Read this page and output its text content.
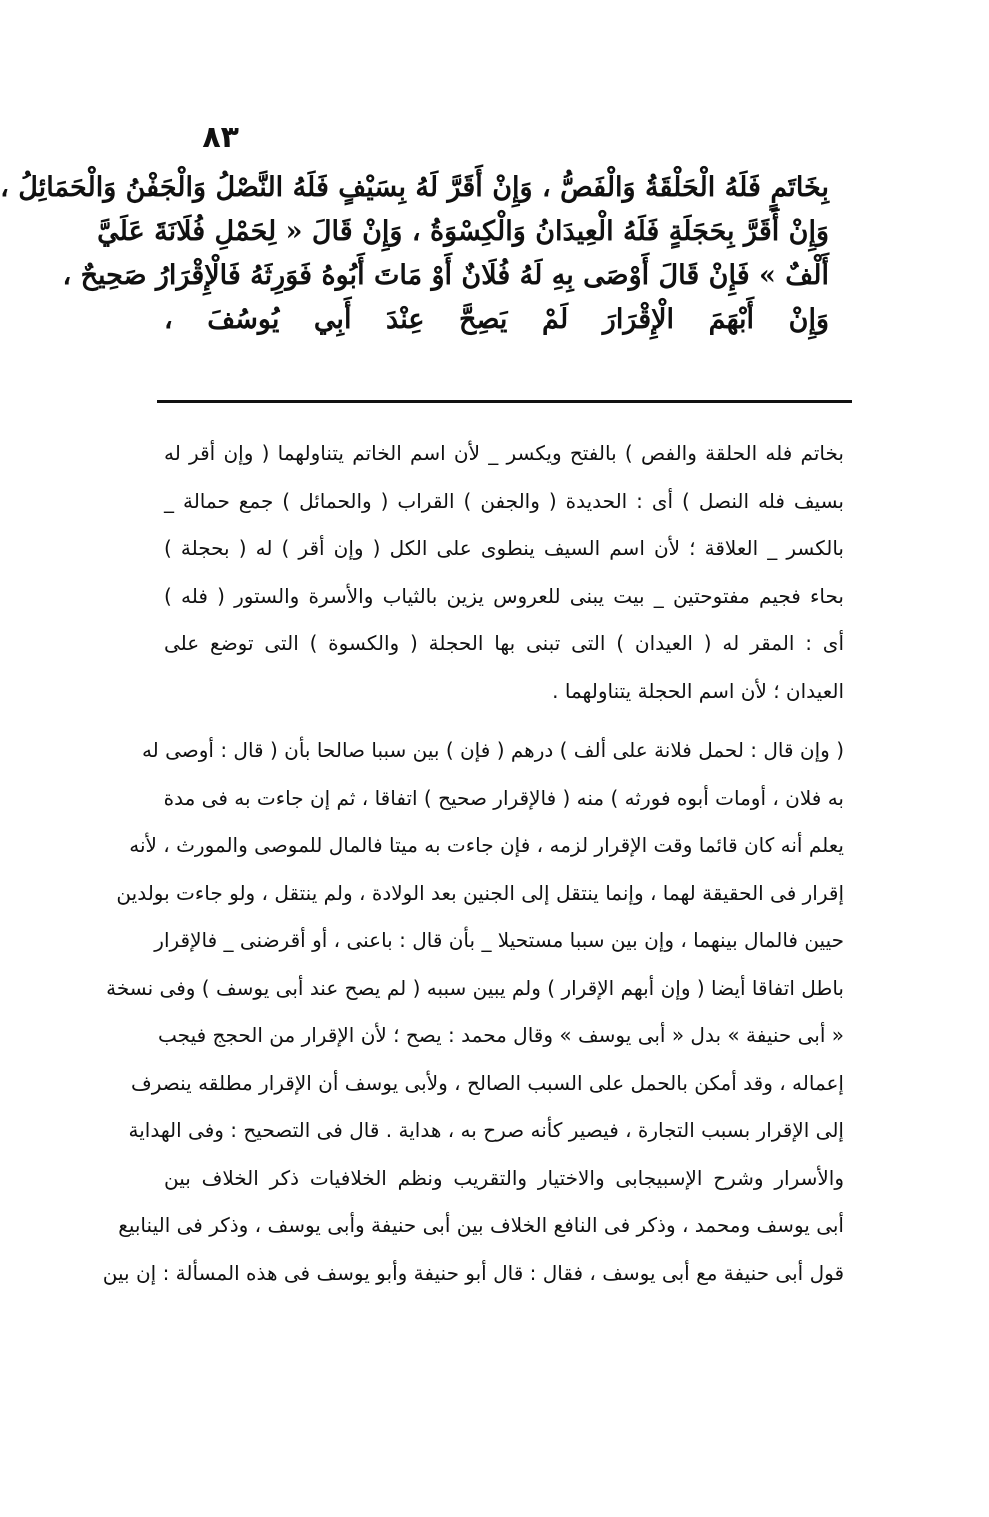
٨٣
بِخَاتَمٍ فَلَهُ الْحَلْقَةُ وَالْفَصُّ ، وَإِنْ أَقَرَّ لَهُ بِسَيْفٍ فَلَهُ النَّصْلُ وَالْجَفْنُ وَالْحَمَائِلُ ،
وَإِنْ أَقَرَّ بِحَجَلَةٍ فَلَهُ الْعِيدَانُ وَالْكِسْوَةُ ، وَإِنْ قَالَ « لِحَمْلِ فُلَانَةَ عَلَيَّ
أَلْفٌ » فَإِنْ قَالَ أَوْصَى بِهِ لَهُ فُلَانٌ أَوْ مَاتَ أَبُوهُ فَوَرِثَهُ فَالْإِقْرَارُ صَحِيحٌ ،
وَإِنْ أَبْهَمَ الْإِقْرَارَ لَمْ يَصِحَّ عِنْدَ أَبِي يُوسُفَ ،
بخاتم فله الحلقة والفص ) بالفتح ويكسر _ لأن اسم الخاتم يتناولهما ( وإن أقر له
بسيف فله النصل ) أى : الحديدة ( والجفن ) القراب ( والحمائل ) جمع حمالة _
بالكسر _ العلاقة ؛ لأن اسم السيف ينطوى على الكل ( وإن أقر ) له ( بحجلة )
بحاء فجيم مفتوحتين _ بيت يبنى للعروس يزين بالثياب والأسرة والستور ( فله )
أى : المقر له ( العيدان ) التى تبنى بها الحجلة ( والكسوة ) التى توضع على
العيدان ؛ لأن اسم الحجلة يتناولهما .
( وإن قال : لحمل فلانة على ألف ) درهم ( فإن ) بين سببا صالحا بأن ( قال : أوصى له
به فلان ، أومات أبوه فورثه ) منه ( فالإقرار صحيح ) اتفاقا ، ثم إن جاءت به فى مدة
يعلم أنه كان قائما وقت الإقرار لزمه ، فإن جاءت به ميتا فالمال للموصى والمورث ، لأنه
إقرار فى الحقيقة لهما ، وإنما ينتقل إلى الجنين بعد الولادة ، ولم ينتقل ، ولو جاءت بولدين
حيين فالمال بينهما ، وإن بين سببا مستحيلا _ بأن قال : باعنى ، أو أقرضنى _ فالإقرار
باطل اتفاقا أيضا ( وإن أبهم الإقرار ) ولم يبين سببه ( لم يصح عند أبى يوسف ) وفى نسخة
« أبى حنيفة » بدل « أبى يوسف » وقال محمد : يصح ؛ لأن الإقرار من الحجج فيجب
إعماله ، وقد أمكن بالحمل على السبب الصالح ، ولأبى يوسف أن الإقرار مطلقه ينصرف
إلى الإقرار بسبب التجارة ، فيصير كأنه صرح به ، هداية . قال فى التصحيح : وفى الهداية
والأسرار وشرح الإسبيجابى والاختيار والتقريب ونظم الخلافيات ذكر الخلاف بين
أبى يوسف ومحمد ، وذكر فى النافع الخلاف بين أبى حنيفة وأبى يوسف ، وذكر فى الينابيع
قول أبى حنيفة مع أبى يوسف ، فقال : قال أبو حنيفة وأبو يوسف فى هذه المسألة : إن بين
